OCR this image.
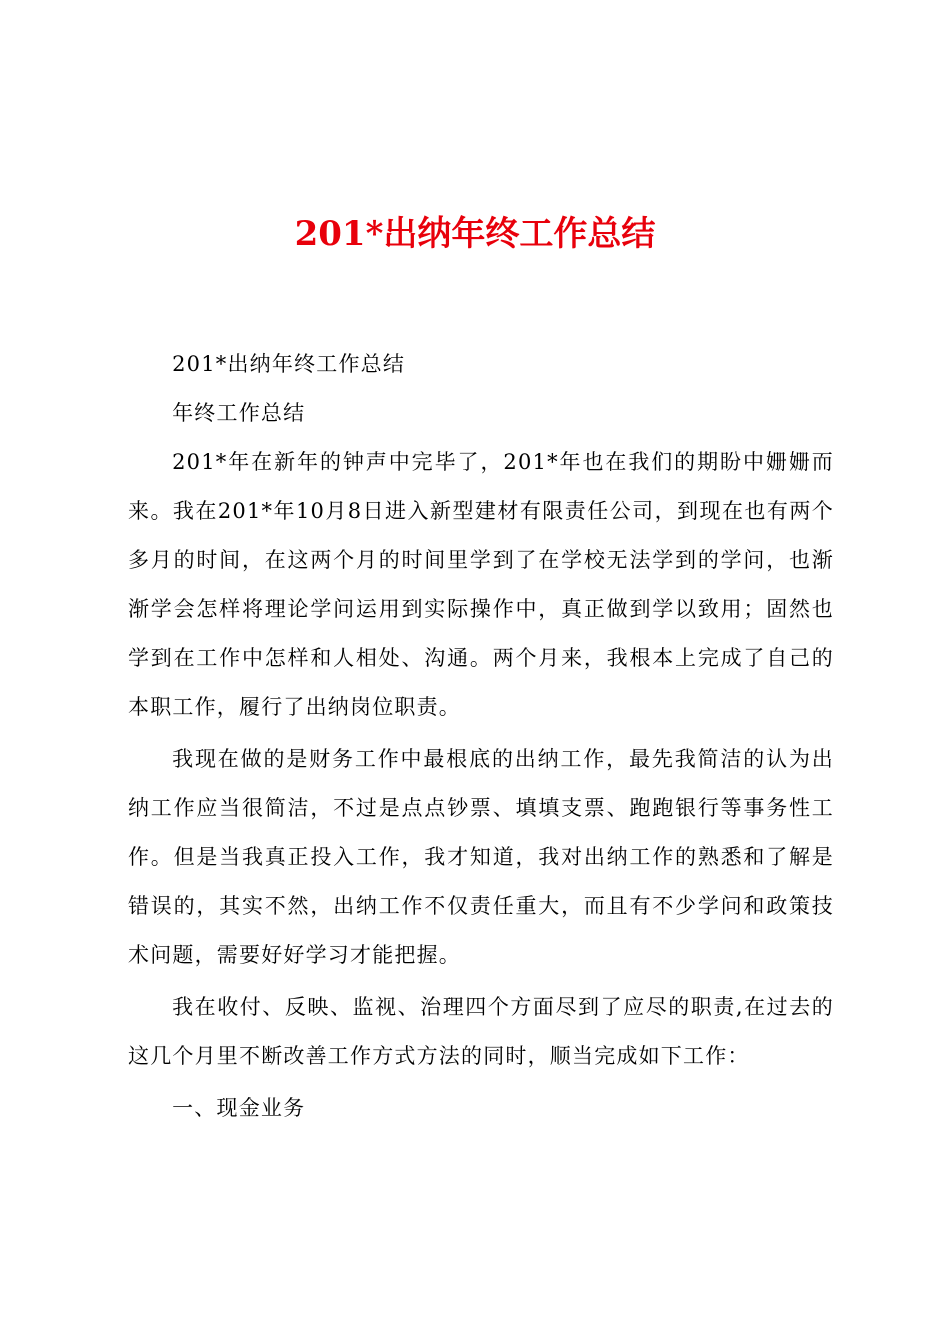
201*出纳年终工作总结

201*出纳年终工作总结

年终工作总结

201*年在新年的钟声中完毕了，201*年也在我们的期盼中姗姗而来。我在201*年10月8日进入新型建材有限责任公司，到现在也有两个多月的时间，在这两个月的时间里学到了在学校无法学到的学问，也渐渐学会怎样将理论学问运用到实际操作中，真正做到学以致用；固然也学到在工作中怎样和人相处、沟通。两个月来，我根本上完成了自己的本职工作，履行了出纳岗位职责。

我现在做的是财务工作中最根底的出纳工作，最先我简洁的认为出纳工作应当很简洁，不过是点点钞票、填填支票、跑跑银行等事务性工作。但是当我真正投入工作，我才知道，我对出纳工作的熟悉和了解是错误的，其实不然，出纳工作不仅责任重大，而且有不少学问和政策技术问题，需要好好学习才能把握。

我在收付、反映、监视、治理四个方面尽到了应尽的职责,在过去的这几个月里不断改善工作方式方法的同时，顺当完成如下工作：

一、现金业务
